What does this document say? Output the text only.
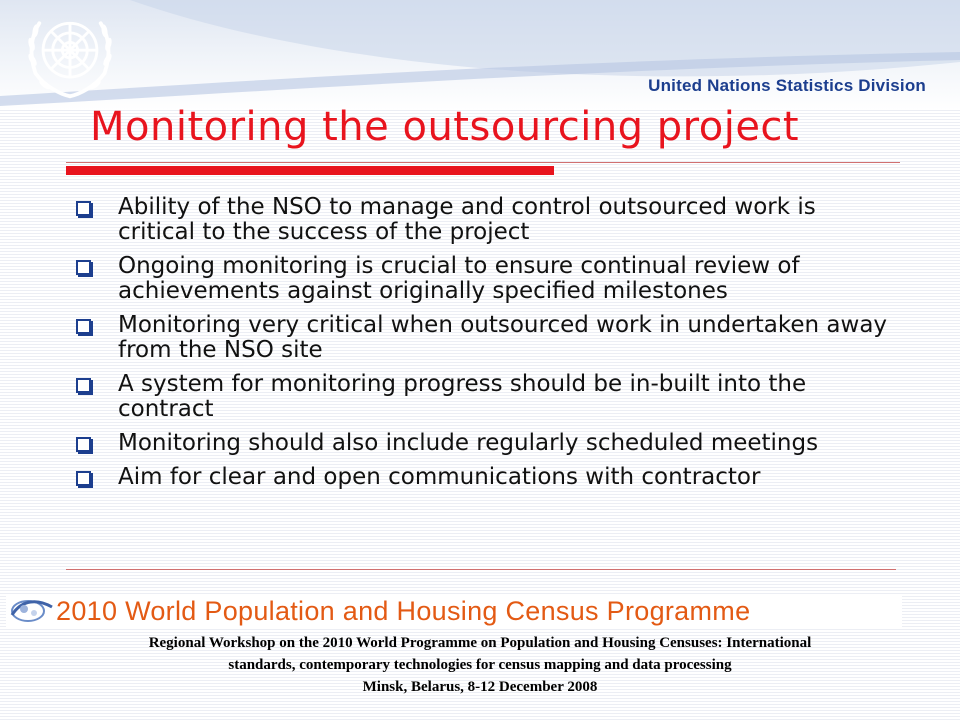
United Nations Statistics Division
Monitoring the outsourcing project
Ability of the NSO to manage and control outsourced work is critical to the success of the project
Ongoing monitoring is crucial to ensure continual review of achievements against originally specified milestones
Monitoring very critical when outsourced work in undertaken away from the NSO site
A system for monitoring progress should be in-built into the contract
Monitoring should also include regularly scheduled meetings
Aim for clear and open communications with contractor
2010 World Population and Housing Census Programme
Regional Workshop on the 2010 World Programme on Population and Housing Censuses: International
standards, contemporary technologies for census mapping and data processing
Minsk, Belarus, 8-12 December 2008
